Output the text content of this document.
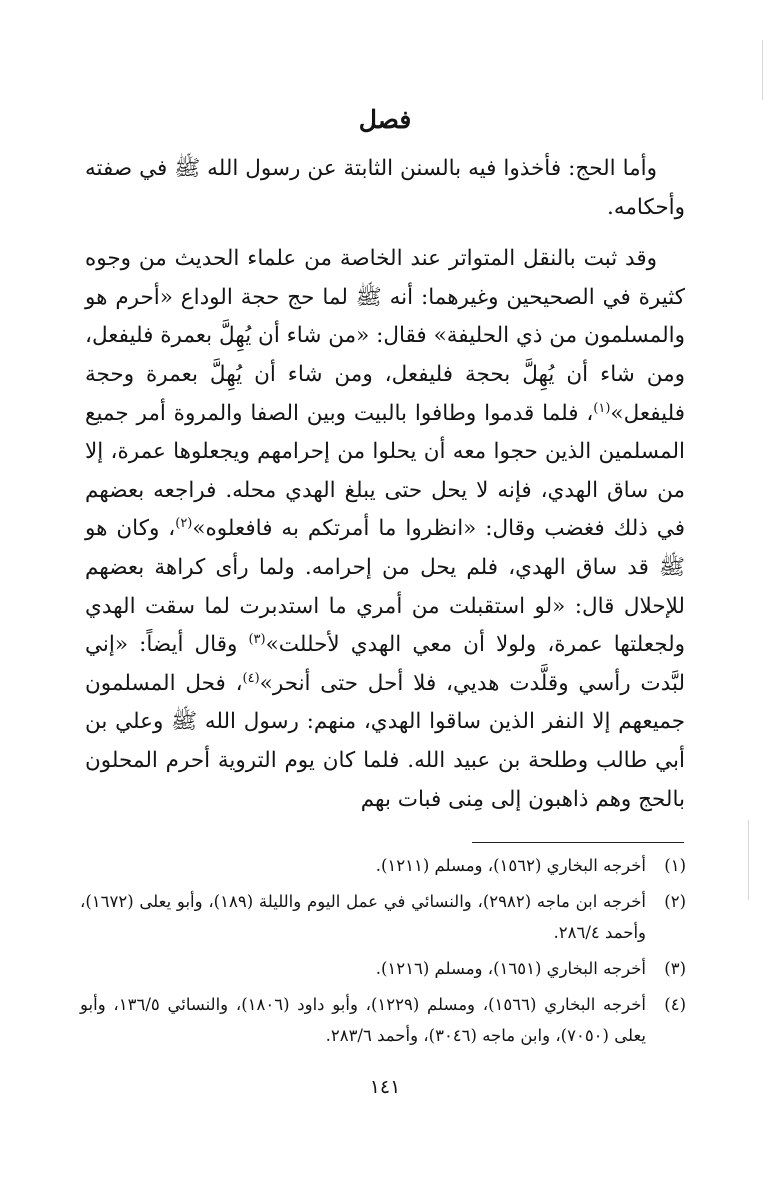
فصل

وأما الحج: فأخذوا فيه بالسنن الثابتة عن رسول الله ﷺ في صفته وأحكامه.

وقد ثبت بالنقل المتواتر عند الخاصة من علماء الحديث من وجوه كثيرة في الصحيحين وغيرهما: أنه ﷺ لما حج حجة الوداع «أحرم هو والمسلمون من ذي الحليفة» فقال: «من شاء أن يُهِلَّ بعمرة فليفعل، ومن شاء أن يُهِلَّ بحجة فليفعل، ومن شاء أن يُهِلَّ بعمرة وحجة فليفعل»$^{(١)}$، فلما قدموا وطافوا بالبيت وبين الصفا والمروة أمر جميع المسلمين الذين حجوا معه أن يحلوا من إحرامهم ويجعلوها عمرة، إلا من ساق الهدي، فإنه لا يحل حتى يبلغ الهدي محله. فراجعه بعضهم في ذلك فغضب وقال: «انظروا ما أمرتكم به فافعلوه»$^{(٢)}$، وكان هو ﷺ قد ساق الهدي، فلم يحل من إحرامه. ولما رأى كراهة بعضهم للإحلال قال: «لو استقبلت من أمري ما استدبرت لما سقت الهدي ولجعلتها عمرة، ولولا أن معي الهدي لأحللت»$^{(٣)}$ وقال أيضاً: «إني لبَّدت رأسي وقلَّدت هديي، فلا أحل حتى أنحر»$^{(٤)}$، فحل المسلمون جميعهم إلا النفر الذين ساقوا الهدي، منهم: رسول الله ﷺ وعلي بن أبي طالب وطلحة بن عبيد الله. فلما كان يوم التروية أحرم المحلون بالحج وهم ذاهبون إلى مِنى فبات بهم

(١)
أخرجه البخاري (١٥٦٢)، ومسلم (١٢١١).
(٢)
أخرجه ابن ماجه (٢٩٨٢)، والنسائي في عمل اليوم والليلة (١٨٩)، وأبو يعلى (١٦٧٢)، وأحمد ٢٨٦/٤.
(٣)
أخرجه البخاري (١٦٥١)، ومسلم (١٢١٦).
(٤)
أخرجه البخاري (١٥٦٦)، ومسلم (١٢٢٩)، وأبو داود (١٨٠٦)، والنسائي ١٣٦/٥، وأبو يعلى (٧٠٥٠)، وابن ماجه (٣٠٤٦)، وأحمد ٢٨٣/٦.
١٤١
